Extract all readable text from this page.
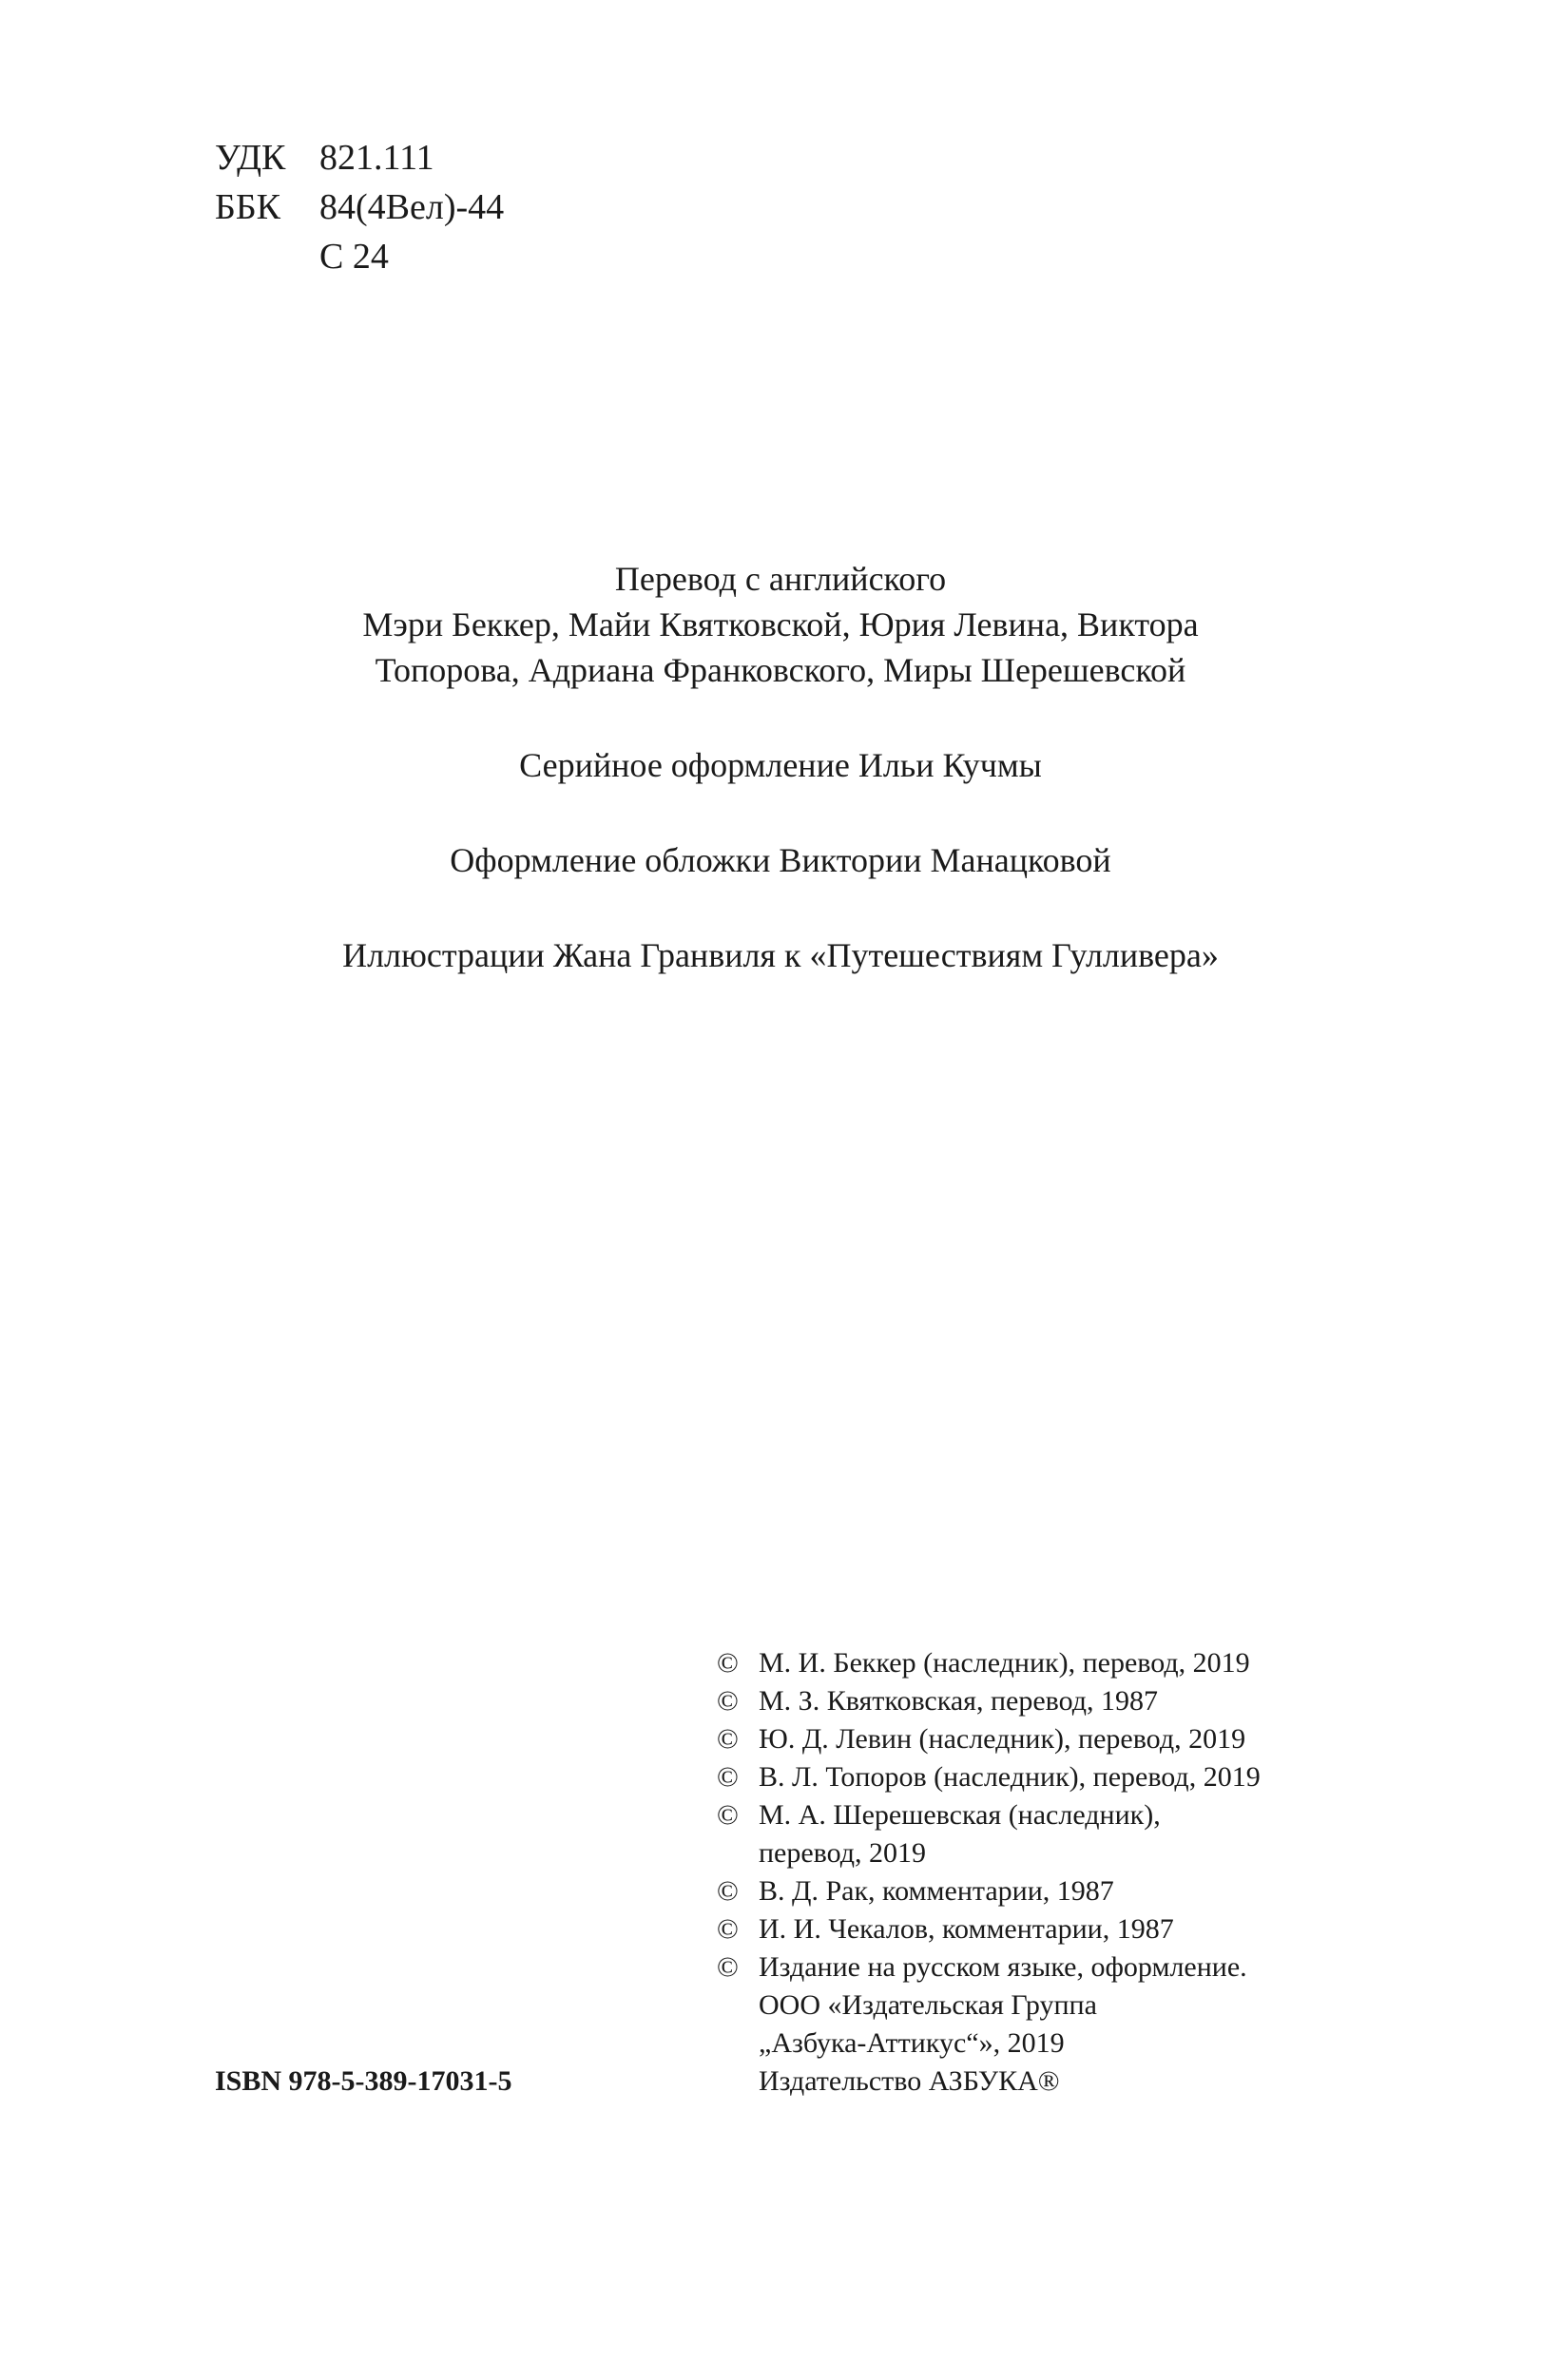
УДК 821.111
ББК 84(4Вел)-44
С 24

Перевод с английского

Мэри Беккер, Майи Квятковской, Юрия Левина, Виктора

Топорова, Адриана Франковского, Миры Шерешевской

Серийное оформление Ильи Кучмы

Оформление обложки Виктории Манацковой

Иллюстрации Жана Гранвиля к «Путешествиям Гулливера»

© М. И. Беккер (наследник), перевод, 2019
© М. З. Квятковская, перевод, 1987
© Ю. Д. Левин (наследник), перевод, 2019
© В. Л. Топоров (наследник), перевод, 2019
© М. А. Шерешевская (наследник),
перевод, 2019
© В. Д. Рак, комментарии, 1987
© И. И. Чекалов, комментарии, 1987
© Издание на русском языке, оформление.
ООО «Издательская Группа
„Азбука-Аттикус“», 2019
Издательство АЗБУКА®
ISBN 978-5-389-17031-5
